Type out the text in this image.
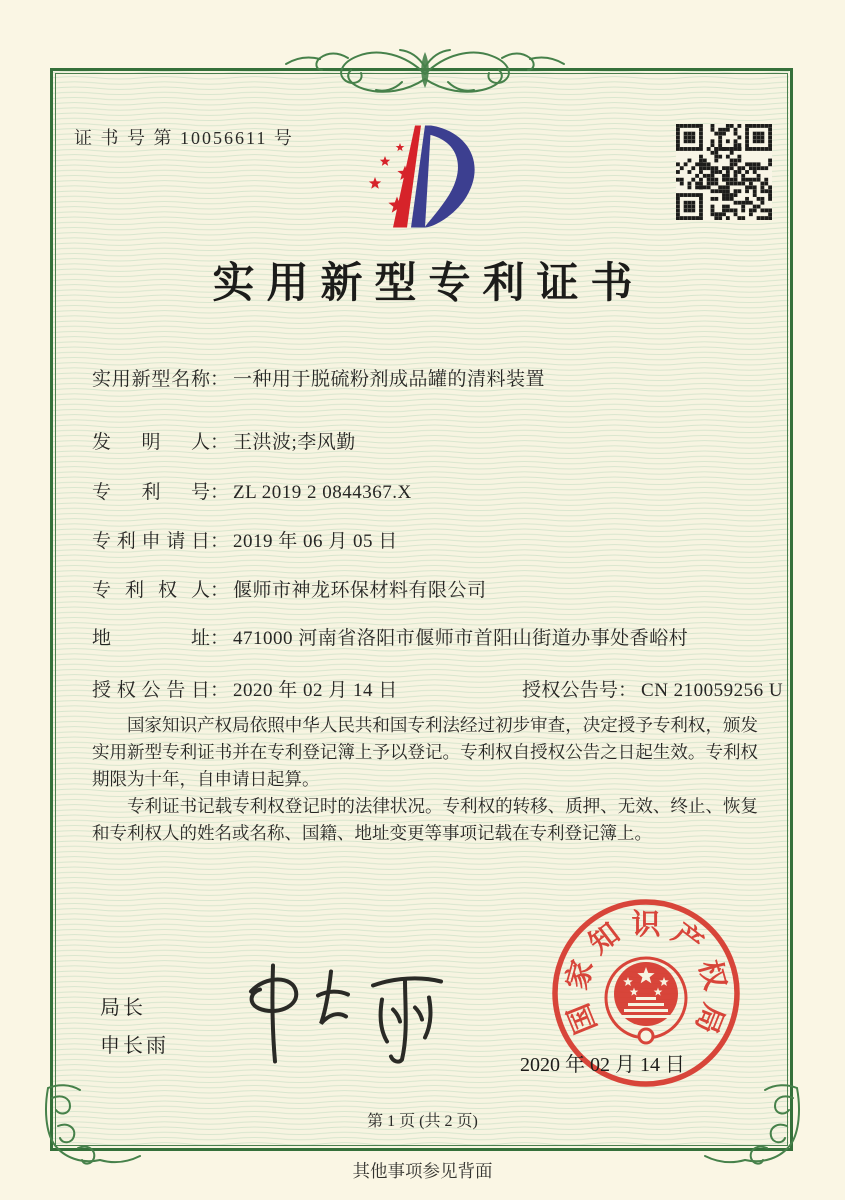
证 书 号 第 10056611 号
实用新型专利证书
实用新型名称： 一种用于脱硫粉剂成品罐的清料装置
发明人： 王洪波;李风勤
专利号： ZL 2019 2 0844367.X
专利申请日： 2019 年 06 月 05 日
专利权人： 偃师市神龙环保材料有限公司
地址： 471000 河南省洛阳市偃师市首阳山街道办事处香峪村
授权公告日： 2020 年 02 月 14 日	授权公告号： CN 210059256 U

国家知识产权局依照中华人民共和国专利法经过初步审查，决定授予专利权，颁发实用新型专利证书并在专利登记簿上予以登记。专利权自授权公告之日起生效。专利权期限为十年，自申请日起算。

专利证书记载专利权登记时的法律状况。专利权的转移、质押、无效、终止、恢复和专利权人的姓名或名称、国籍、地址变更等事项记载在专利登记簿上。

局长
申长雨
国
家
知 识 产
权
局
2020 年 02 月 14 日
第 1 页 (共 2 页)
其他事项参见背面
